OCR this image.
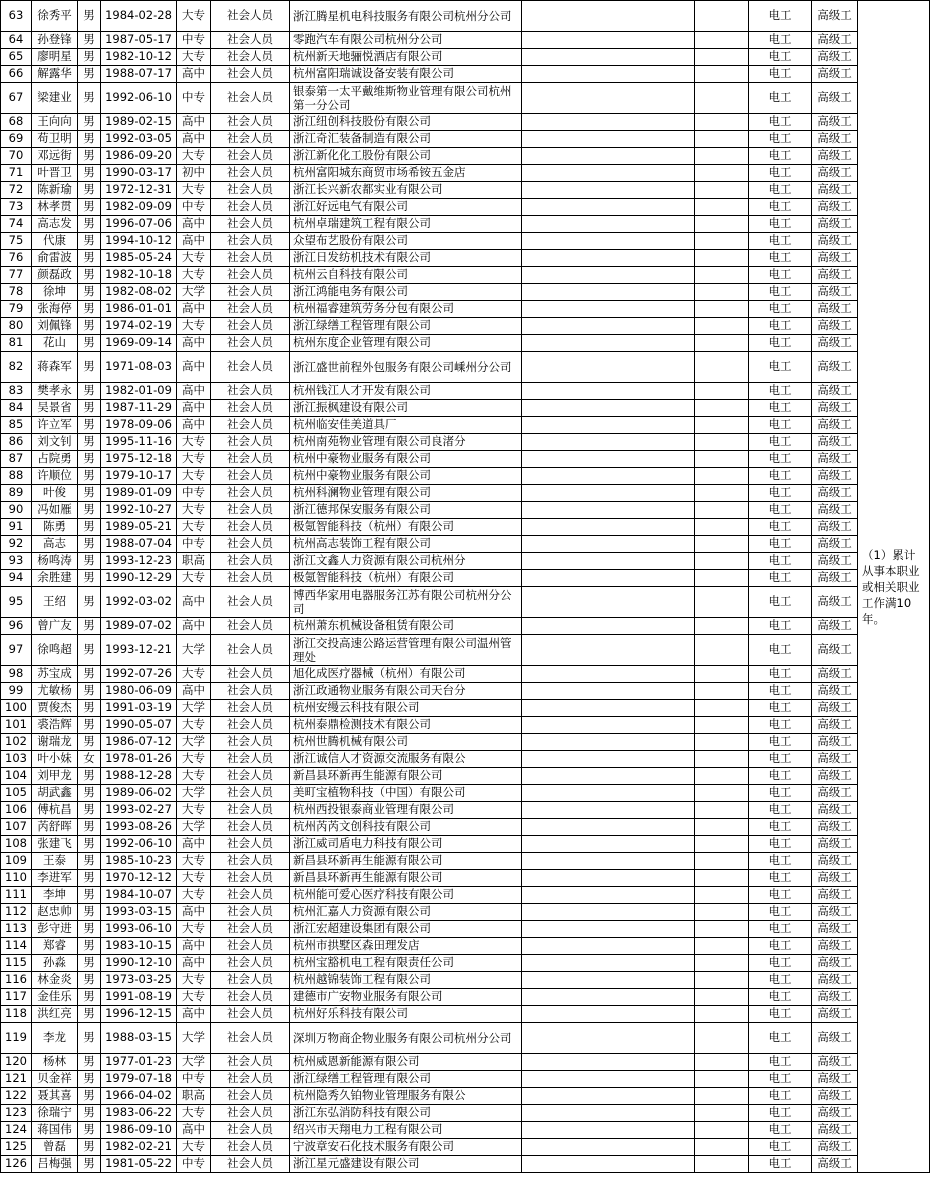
63	徐秀平	男	1984-02-28	大专	社会人员	浙江腾星机电科技服务有限公司杭州分公司			电工	高级工	（1）累计从事本职业或相关职业工作满10年。
64	孙登锋	男	1987-05-17	中专	社会人员	零跑汽车有限公司杭州分公司			电工	高级工	
65	廖明星	男	1982-10-12	大专	社会人员	杭州新天地骊悦酒店有限公司			电工	高级工	
66	解露华	男	1988-07-17	高中	社会人员	杭州富阳瑞诚设备安装有限公司			电工	高级工	
67	梁建业	男	1992-06-10	中专	社会人员	银泰第一太平戴维斯物业管理有限公司杭州第一分公司			电工	高级工	
68	王向向	男	1989-02-15	高中	社会人员	浙江纽创科技股份有限公司			电工	高级工	
69	苟卫明	男	1992-03-05	高中	社会人员	浙江奇汇装备制造有限公司			电工	高级工	
70	邓远街	男	1986-09-20	大专	社会人员	浙江新化化工股份有限公司			电工	高级工	
71	叶晋卫	男	1990-03-17	初中	社会人员	杭州富阳城东商贸市场希铵五金店			电工	高级工	
72	陈新瑜	男	1972-12-31	大专	社会人员	浙江长兴新农都实业有限公司			电工	高级工	
73	林孝贯	男	1982-09-09	中专	社会人员	浙江好远电气有限公司			电工	高级工	
74	高志发	男	1996-07-06	高中	社会人员	杭州卓瑞建筑工程有限公司			电工	高级工	
75	代康	男	1994-10-12	高中	社会人员	众望布艺股份有限公司			电工	高级工	
76	俞雷波	男	1985-05-24	大专	社会人员	浙江日发纺机技术有限公司			电工	高级工	
77	颜磊政	男	1982-10-18	大专	社会人员	杭州云自科技有限公司			电工	高级工	
78	徐坤	男	1982-08-02	大学	社会人员	浙江鸿能电务有限公司			电工	高级工	
79	张海停	男	1986-01-01	高中	社会人员	杭州福睿建筑劳务分包有限公司			电工	高级工	
80	刘佩锋	男	1974-02-19	大专	社会人员	浙江绿缮工程管理有限公司			电工	高级工	
81	花山	男	1969-09-14	高中	社会人员	杭州东度企业管理有限公司			电工	高级工	
82	蒋森军	男	1971-08-03	高中	社会人员	浙江盛世前程外包服务有限公司嵊州分公司			电工	高级工	
83	樊孝永	男	1982-01-09	高中	社会人员	杭州钱江人才开发有限公司			电工	高级工	
84	吴景省	男	1987-11-29	高中	社会人员	浙江振枫建设有限公司			电工	高级工	
85	许立军	男	1978-09-06	高中	社会人员	杭州临安佳美道具厂			电工	高级工	
86	刘文钊	男	1995-11-16	大专	社会人员	杭州南苑物业管理有限公司良渚分			电工	高级工	
87	占院勇	男	1975-12-18	大专	社会人员	杭州中豪物业服务有限公司			电工	高级工	
88	许顺位	男	1979-10-17	大专	社会人员	杭州中豪物业服务有限公司			电工	高级工	
89	叶俊	男	1989-01-09	中专	社会人员	杭州科澜物业管理有限公司			电工	高级工	
90	冯如雁	男	1992-10-27	大专	社会人员	浙江德邦保安服务有限公司			电工	高级工	
91	陈勇	男	1989-05-21	大专	社会人员	极氪智能科技（杭州）有限公司			电工	高级工	
92	高志	男	1988-07-04	中专	社会人员	杭州高志装饰工程有限公司			电工	高级工	
93	杨鸣涛	男	1993-12-23	职高	社会人员	浙江文鑫人力资源有限公司杭州分			电工	高级工	
94	余胜建	男	1990-12-29	大专	社会人员	极氪智能科技（杭州）有限公司			电工	高级工	
95	王绍	男	1992-03-02	高中	社会人员	博西华家用电器服务江苏有限公司杭州分公司			电工	高级工	
96	曾广友	男	1989-07-02	高中	社会人员	杭州萧东机械设备租赁有限公司			电工	高级工	
97	徐鸣超	男	1993-12-21	大学	社会人员	浙江交投高速公路运营管理有限公司温州管理处			电工	高级工	
98	苏宝成	男	1992-07-26	大专	社会人员	旭化成医疗器械（杭州）有限公司			电工	高级工	
99	尤敏杨	男	1980-06-09	高中	社会人员	浙江政通物业服务有限公司天台分			电工	高级工	
100	贾俊杰	男	1991-03-19	大学	社会人员	杭州安缦云科技有限公司			电工	高级工	
101	裘浩辉	男	1990-05-07	大专	社会人员	杭州泰鼎检测技术有限公司			电工	高级工	
102	谢瑞龙	男	1986-07-12	大学	社会人员	杭州世腾机械有限公司			电工	高级工	
103	叶小妹	女	1978-01-26	大专	社会人员	浙江诚信人才资源交流服务有限公			电工	高级工	
104	刘甲龙	男	1988-12-28	大专	社会人员	新昌县环新再生能源有限公司			电工	高级工	
105	胡武鑫	男	1989-06-02	大学	社会人员	美町宝植物科技（中国）有限公司			电工	高级工	
106	傅杭昌	男	1993-02-27	大专	社会人员	杭州西投银泰商业管理有限公司			电工	高级工	
107	芮舒晖	男	1993-08-26	大学	社会人员	杭州芮芮文创科技有限公司			电工	高级工	
108	张建飞	男	1992-06-10	高中	社会人员	浙江威司盾电力科技有限公司			电工	高级工	
109	王泰	男	1985-10-23	大专	社会人员	新昌县环新再生能源有限公司			电工	高级工	
110	李进军	男	1970-12-12	大专	社会人员	新昌县环新再生能源有限公司			电工	高级工	
111	李坤	男	1984-10-07	大专	社会人员	杭州能可爱心医疗科技有限公司			电工	高级工	
112	赵忠帅	男	1993-03-15	高中	社会人员	杭州汇嘉人力资源有限公司			电工	高级工	
113	彭守进	男	1993-06-10	大专	社会人员	浙江宏超建设集团有限公司			电工	高级工	
114	郑睿	男	1983-10-15	高中	社会人员	杭州市拱墅区森田理发店			电工	高级工	
115	孙淼	男	1990-12-10	高中	社会人员	杭州宝豁机电工程有限责任公司			电工	高级工	
116	林金炎	男	1973-03-25	大专	社会人员	杭州越锦装饰工程有限公司			电工	高级工	
117	金佳乐	男	1991-08-19	大专	社会人员	建德市广安物业服务有限公司			电工	高级工	
118	洪红亮	男	1996-12-15	高中	社会人员	杭州好乐科技有限公司			电工	高级工	
119	李龙	男	1988-03-15	大学	社会人员	深圳万物商企物业服务有限公司杭州分公司			电工	高级工	
120	杨林	男	1977-01-23	大学	社会人员	杭州威恩新能源有限公司			电工	高级工	
121	贝金祥	男	1979-07-18	中专	社会人员	浙江绿缮工程管理有限公司			电工	高级工	
122	聂其喜	男	1966-04-02	职高	社会人员	杭州隐秀久铂物业管理服务有限公			电工	高级工	
123	徐瑞宁	男	1983-06-22	大专	社会人员	浙江东弘消防科技有限公司			电工	高级工	
124	蒋国伟	男	1986-09-10	高中	社会人员	绍兴市天翔电力工程有限公司			电工	高级工	
125	曾磊	男	1982-02-21	大专	社会人员	宁波章安石化技术服务有限公司			电工	高级工	
126	吕梅强	男	1981-05-22	中专	社会人员	浙江星元盛建设有限公司			电工	高级工	
